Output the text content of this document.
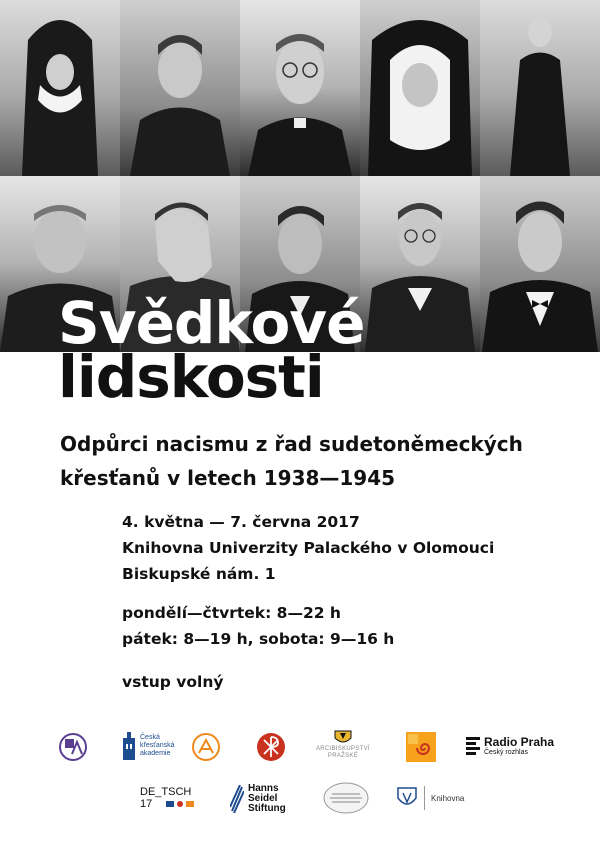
Svědkové
lidskosti
Odpůrci nacismu z řad sudetoněmeckých
křesťanů v letech 1938—1945

4. května — 7. června 2017

Knihovna Univerzity Palackého v Olomouci

Biskupské nám. 1

pondělí—čtvrtek: 8—22 h

pátek: 8—19 h, sobota: 9—16 h

vstup volný

Česká
křesťanská
akademie
ARCIBISKUPSTVÍ
PRAŽSKÉ
Radio Praha
Český rozhlas
DE_TSCH
17
Hanns
Seidel
Stiftung
Knihovna
